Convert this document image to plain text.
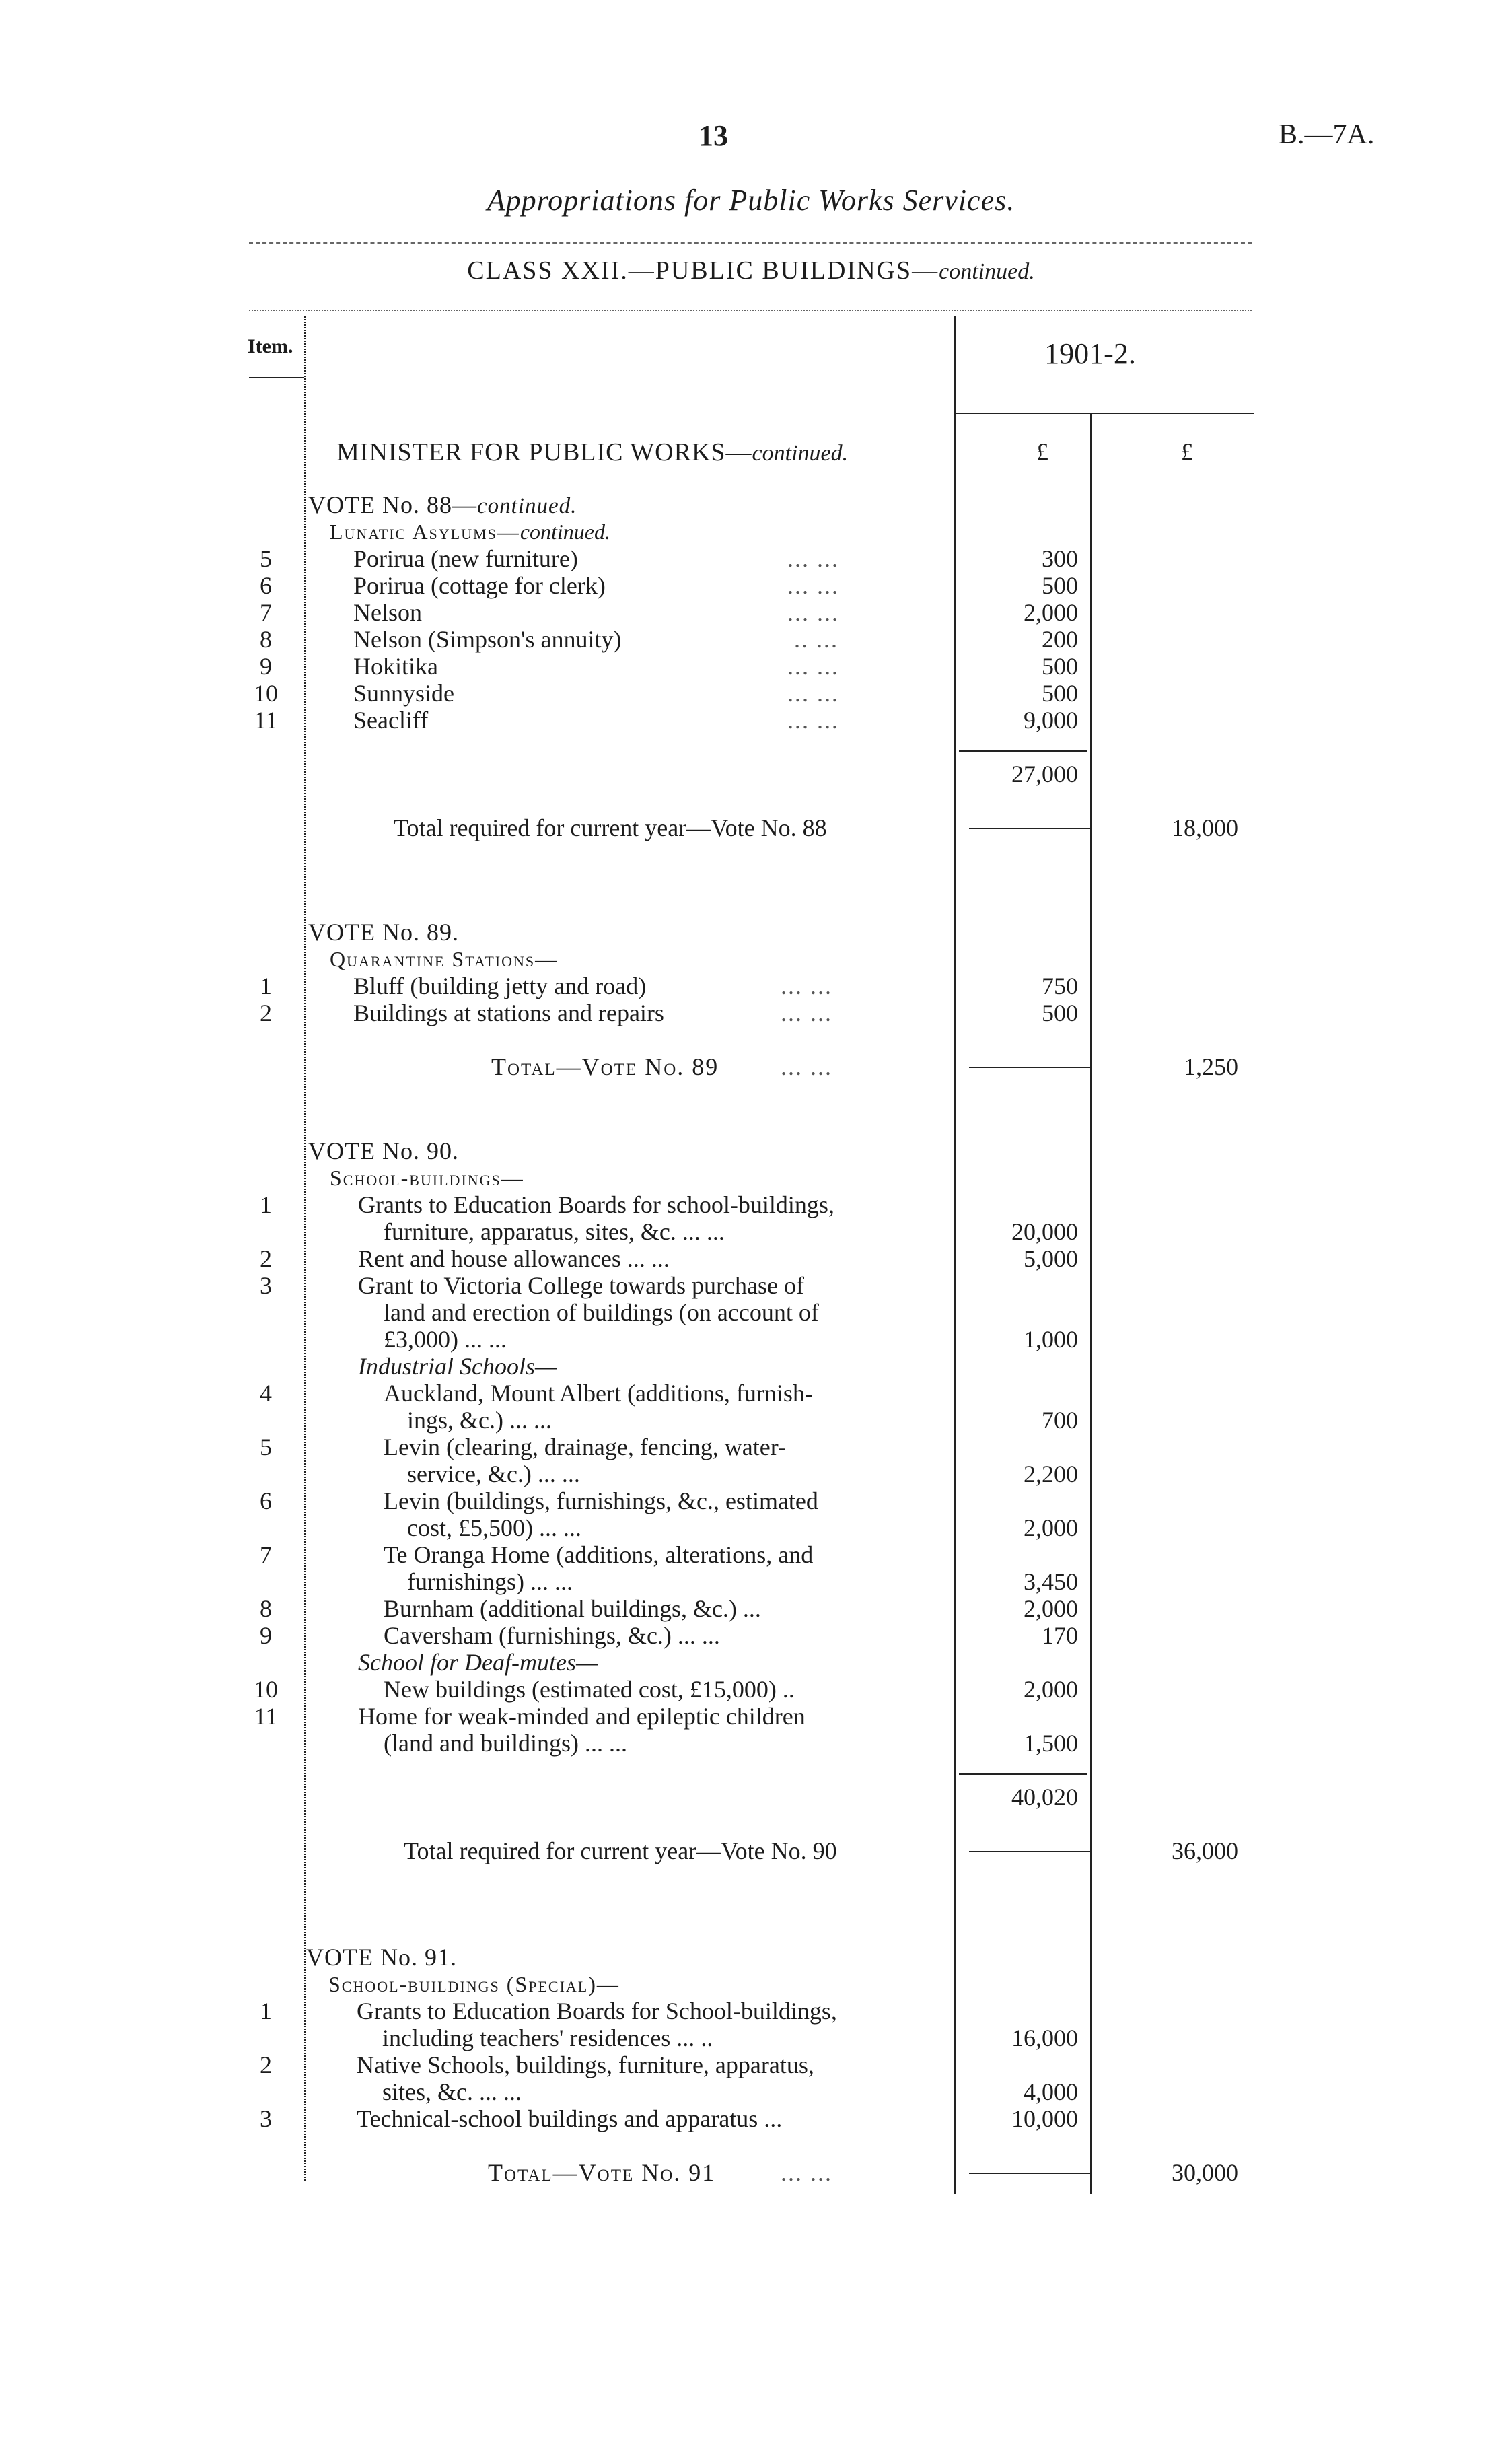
13	B.—7A.
Appropriations for Public Works Services.
CLASS XXII.—PUBLIC BUILDINGS—continued.
Item.	1901-2.
£	£
MINISTER FOR PUBLIC WORKS—continued.
VOTE No. 88—continued.
Lunatic Asylums—continued.
5	Porirua (new furniture)	... ...	300
6	Porirua (cottage for clerk)	... ...	500
7	Nelson	... ...	2,000
8	Nelson (Simpson's annuity)	.. ...	200
9	Hokitika	... ...	500
10	Sunnyside	... ...	500
11	Seacliff	... ...	9,000
27,000
Total required for current year—Vote No. 88	18,000
VOTE No. 89.
Quarantine Stations—
1	Bluff (building jetty and road)	... ...	750
2	Buildings at stations and repairs	... ...	500
Total—Vote No. 89	... ...	1,250
VOTE No. 90.
School-buildings—
1	Grants to Education Boards for school-buildings,
furniture, apparatus, sites, &c. ... ...	20,000
2	Rent and house allowances ... ...	5,000
3	Grant to Victoria College towards purchase of
land and erection of buildings (on account of
£3,000) ... ...	1,000
Industrial Schools—
4	Auckland, Mount Albert (additions, furnish-
ings, &c.) ... ...	700
5	Levin (clearing, drainage, fencing, water-
service, &c.) ... ...	2,200
6	Levin (buildings, furnishings, &c., estimated
cost, £5,500) ... ...	2,000
7	Te Oranga Home (additions, alterations, and
furnishings) ... ...	3,450
8	Burnham (additional buildings, &c.) ...	2,000
9	Caversham (furnishings, &c.) ... ...	170
School for Deaf-mutes—
10	New buildings (estimated cost, £15,000) ..	2,000
11	Home for weak-minded and epileptic children
(land and buildings) ... ...	1,500
40,020
Total required for current year—Vote No. 90	36,000
VOTE No. 91.
School-buildings (Special)—
1	Grants to Education Boards for School-buildings,
including teachers' residences ... ..	16,000
2	Native Schools, buildings, furniture, apparatus,
sites, &c. ... ...	4,000
3	Technical-school buildings and apparatus ...	10,000
Total—Vote No. 91	... ...	30,000
